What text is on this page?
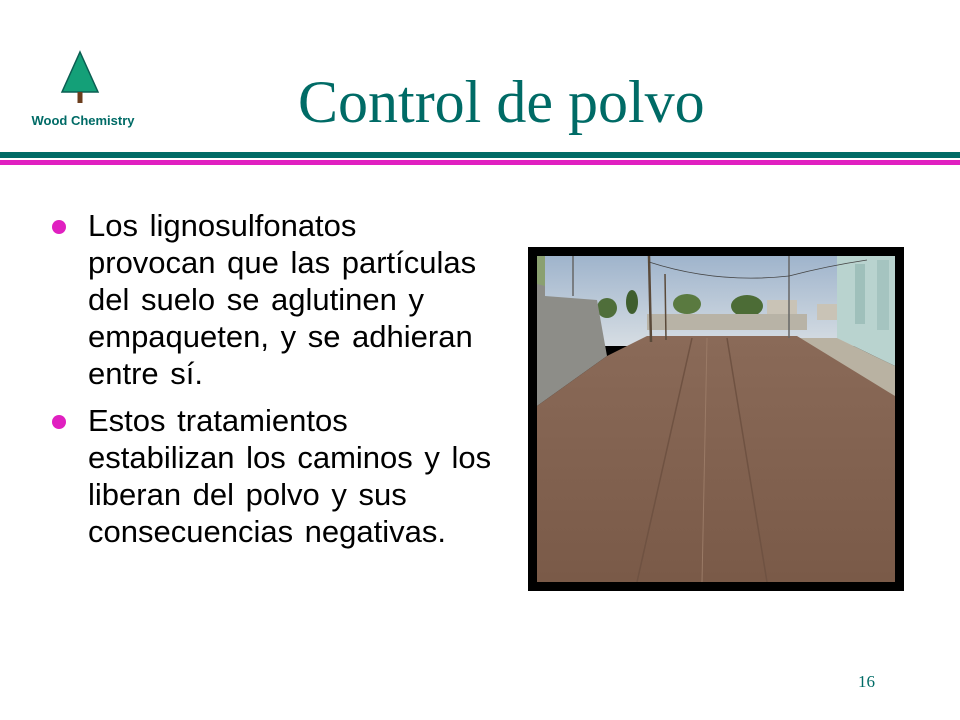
Wood Chemistry	Control de polvo
Los lignosulfonatos provocan que las partículas del suelo se aglutinen y empaqueten, y se adhieran entre sí.
Estos tratamientos estabilizan los caminos y los liberan del polvo y sus consecuencias negativas.
16
